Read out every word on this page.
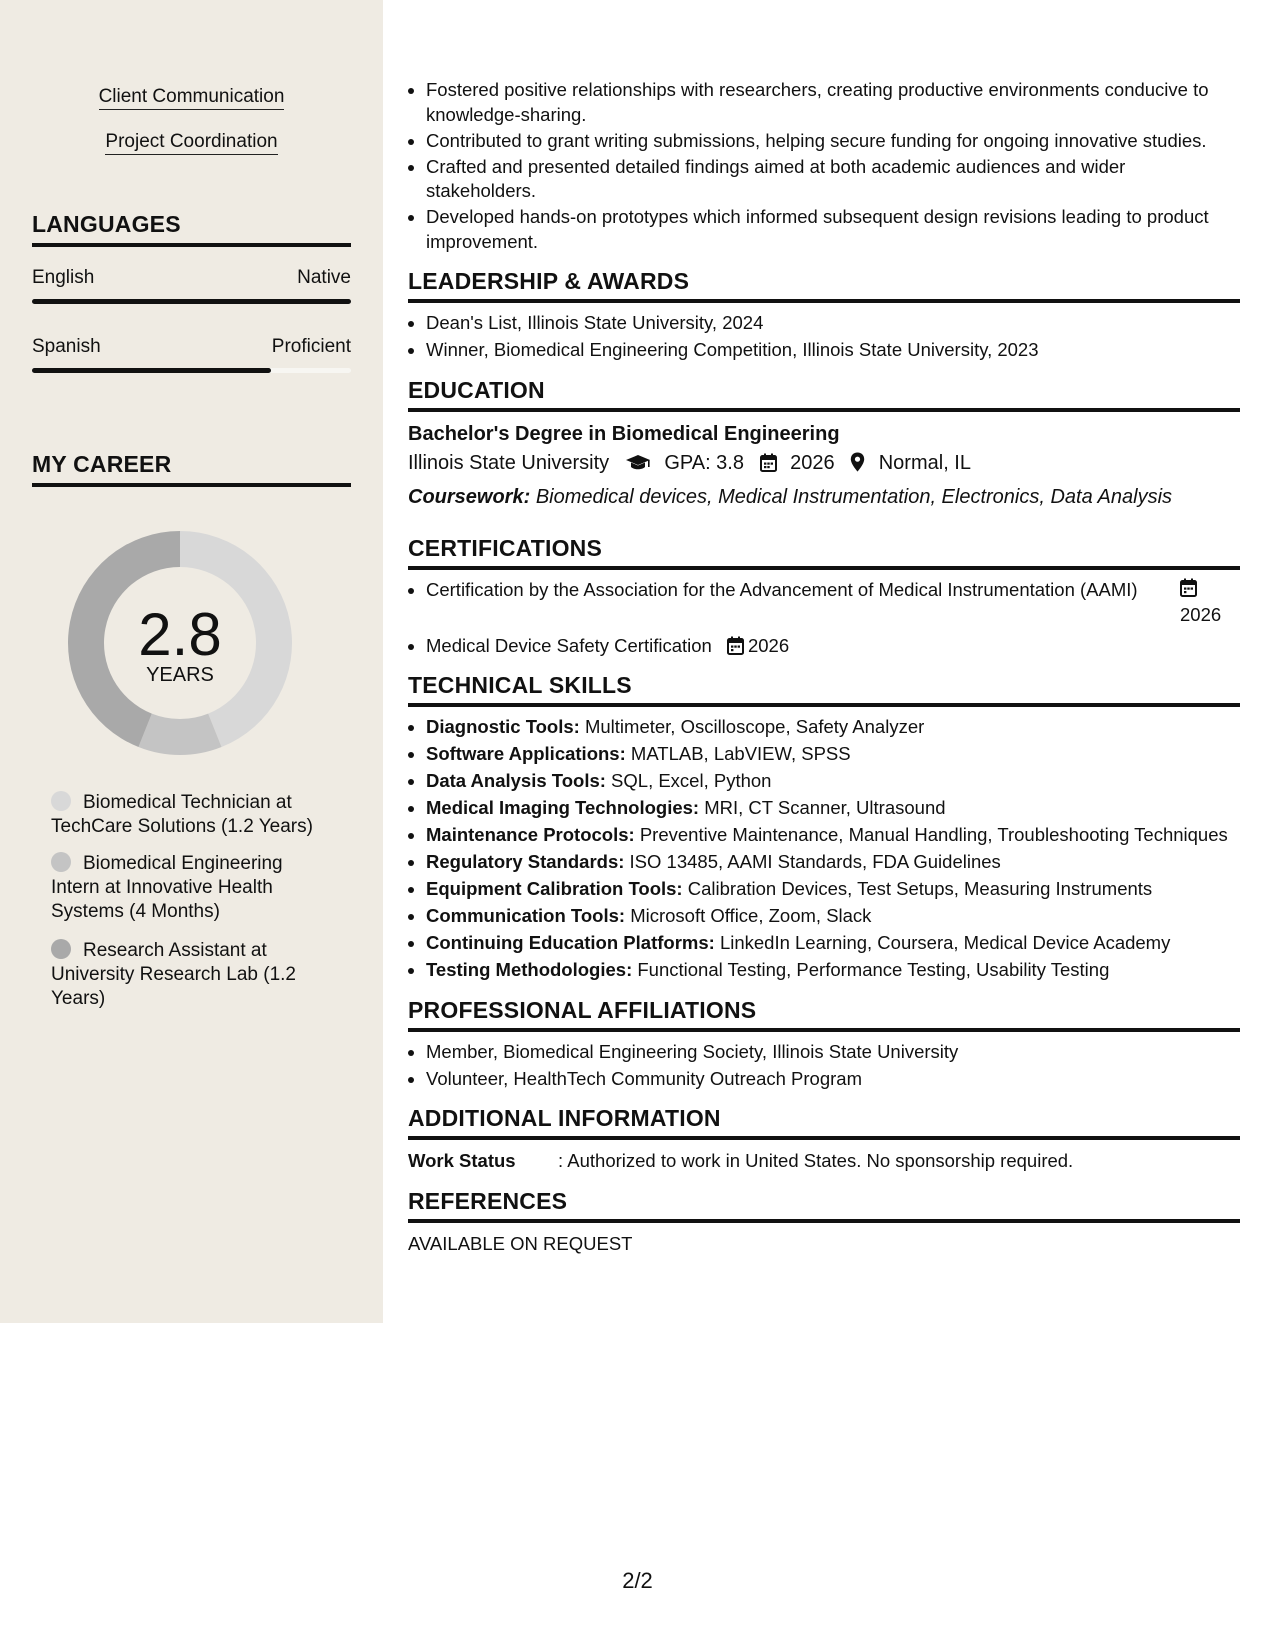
Client Communication
Project Coordination
LANGUAGES
English	Native
Spanish	Proficient
MY CAREER
2.8
YEARS
Biomedical Technician at TechCare Solutions (1.2 Years)
Biomedical Engineering Intern at Innovative Health Systems (4 Months)
Research Assistant at University Research Lab (1.2 Years)
• Fostered positive relationships with researchers, creating productive environments conducive to knowledge-sharing.
• Contributed to grant writing submissions, helping secure funding for ongoing innovative studies.
• Crafted and presented detailed findings aimed at both academic audiences and wider stakeholders.
• Developed hands-on prototypes which informed subsequent design revisions leading to product improvement.
LEADERSHIP & AWARDS
• Dean's List, Illinois State University, 2024
• Winner, Biomedical Engineering Competition, Illinois State University, 2023
EDUCATION
Bachelor's Degree in Biomedical Engineering
Illinois State University	GPA: 3.8 2026 Normal, IL
Coursework: Biomedical devices, Medical Instrumentation, Electronics, Data Analysis
CERTIFICATIONS
• Certification by the Association for the Advancement of Medical Instrumentation (AAMI)

2026
• Medical Device Safety Certification 2026
TECHNICAL SKILLS
• Diagnostic Tools: Multimeter, Oscilloscope, Safety Analyzer
• Software Applications: MATLAB, LabVIEW, SPSS
• Data Analysis Tools: SQL, Excel, Python
• Medical Imaging Technologies: MRI, CT Scanner, Ultrasound
• Maintenance Protocols: Preventive Maintenance, Manual Handling, Troubleshooting Techniques
• Regulatory Standards: ISO 13485, AAMI Standards, FDA Guidelines
• Equipment Calibration Tools: Calibration Devices, Test Setups, Measuring Instruments
• Communication Tools: Microsoft Office, Zoom, Slack
• Continuing Education Platforms: LinkedIn Learning, Coursera, Medical Device Academy
• Testing Methodologies: Functional Testing, Performance Testing, Usability Testing
PROFESSIONAL AFFILIATIONS
• Member, Biomedical Engineering Society, Illinois State University
• Volunteer, HealthTech Community Outreach Program
ADDITIONAL INFORMATION
Work Status	: Authorized to work in United States. No sponsorship required.
REFERENCES
AVAILABLE ON REQUEST
2/2
